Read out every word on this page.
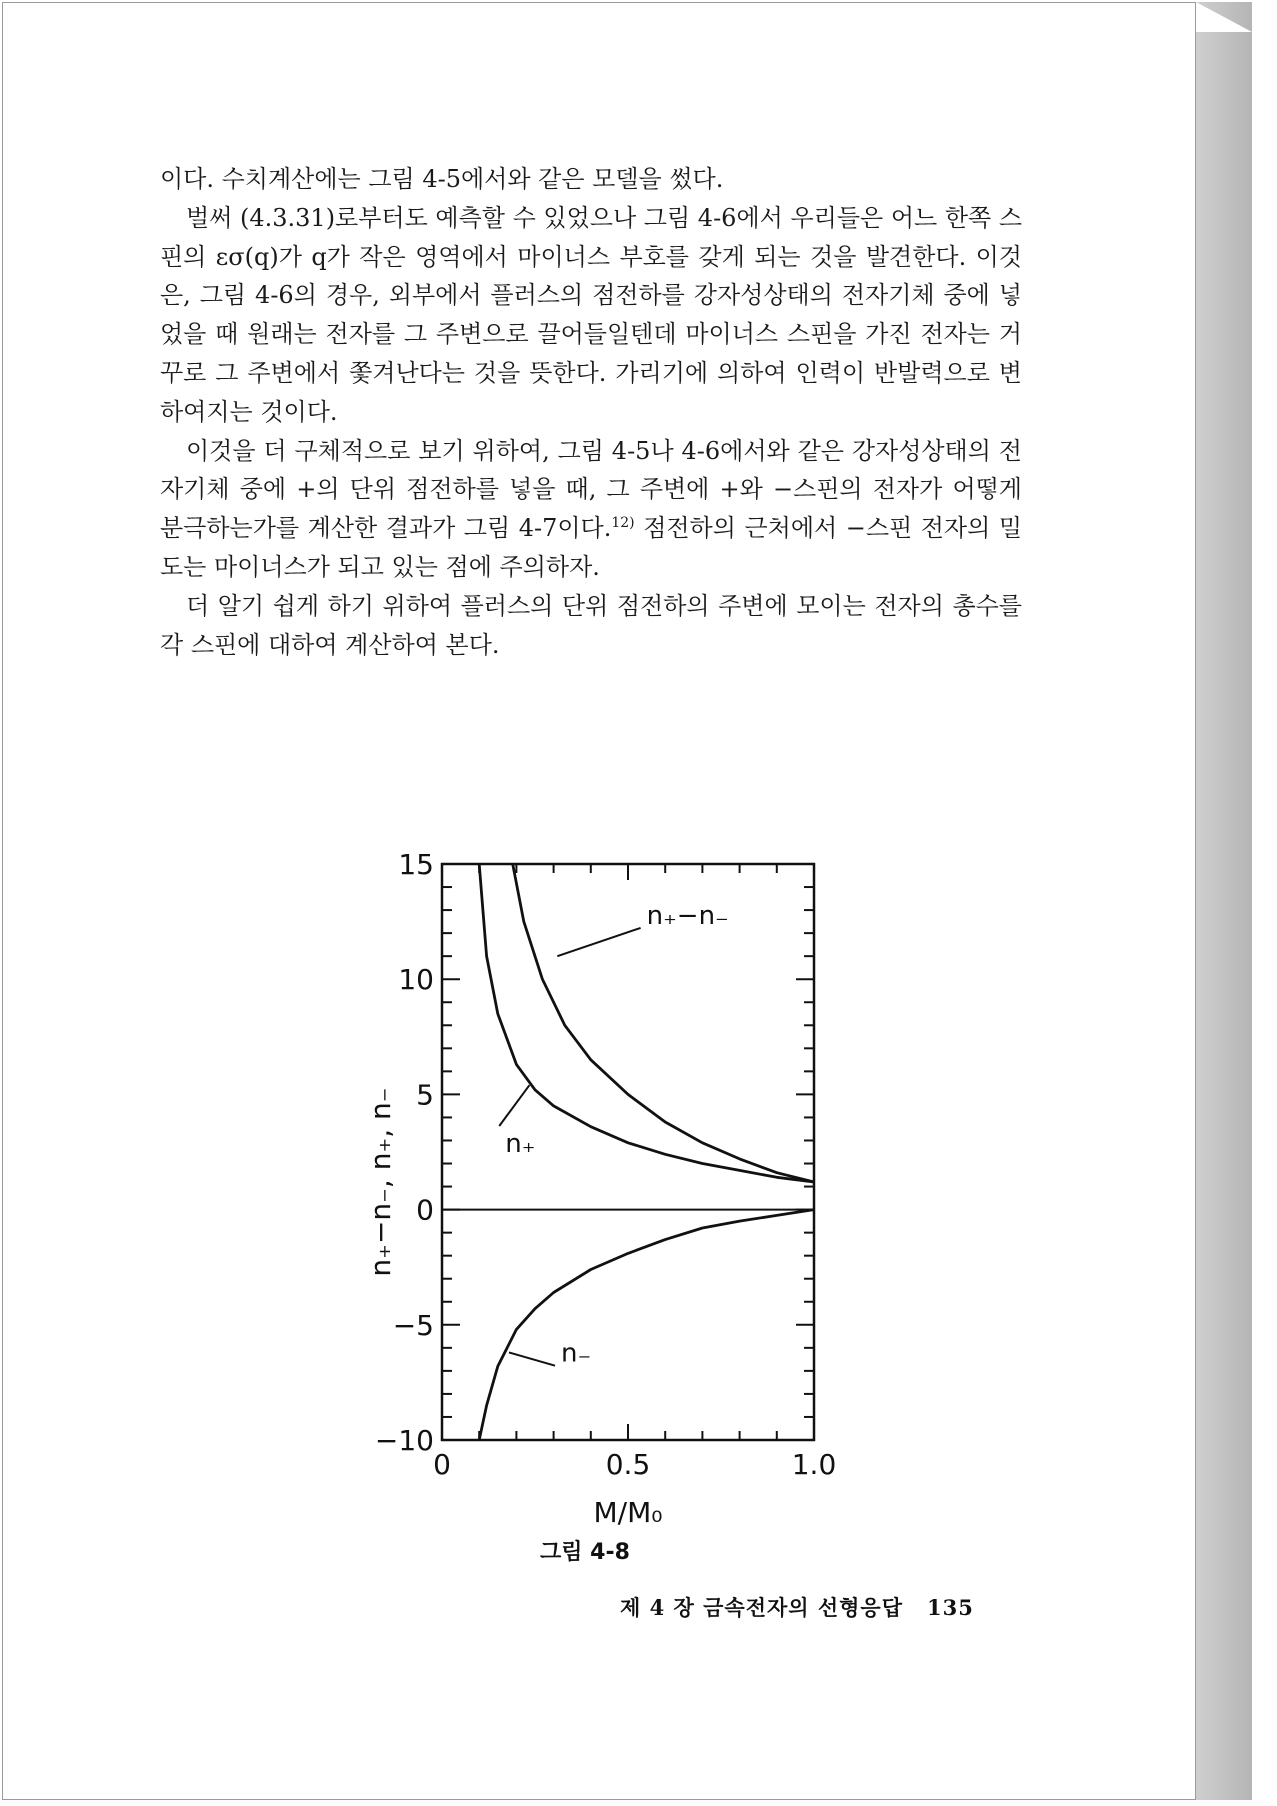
이다. 수치계산에는 그림 4-5에서와 같은 모델을 썼다.

벌써 (4.3.31)로부터도 예측할 수 있었으나 그림 4-6에서 우리들은 어느 한쪽 스핀의 εσ(q)가 q가 작은 영역에서 마이너스 부호를 갖게 되는 것을 발견한다. 이것은, 그림 4-6의 경우, 외부에서 플러스의 점전하를 강자성상태의 전자기체 중에 넣었을 때 원래는 전자를 그 주변으로 끌어들일텐데 마이너스 스핀을 가진 전자는 거꾸로 그 주변에서 쫓겨난다는 것을 뜻한다. 가리기에 의하여 인력이 반발력으로 변하여지는 것이다.

이것을 더 구체적으로 보기 위하여, 그림 4-5나 4-6에서와 같은 강자성상태의 전자기체 중에 +의 단위 점전하를 넣을 때, 그 주변에 +와 −스핀의 전자가 어떻게 분극하는가를 계산한 결과가 그림 4-7이다.$^{12)}$ 점전하의 근처에서 −스핀 전자의 밀도는 마이너스가 되고 있는 점에 주의하자.

더 알기 쉽게 하기 위하여 플러스의 단위 점전하의 주변에 모이는 전자의 총수를 각 스핀에 대하여 계산하여 본다.

15
10
5
0
−5
−10
0	0.5	1.0
M/M₀
n₊−n₋, n₊, n₋
n₊−n₋
n₊
n₋
그림 4-8
제 4 장 금속전자의 선형응답 135
